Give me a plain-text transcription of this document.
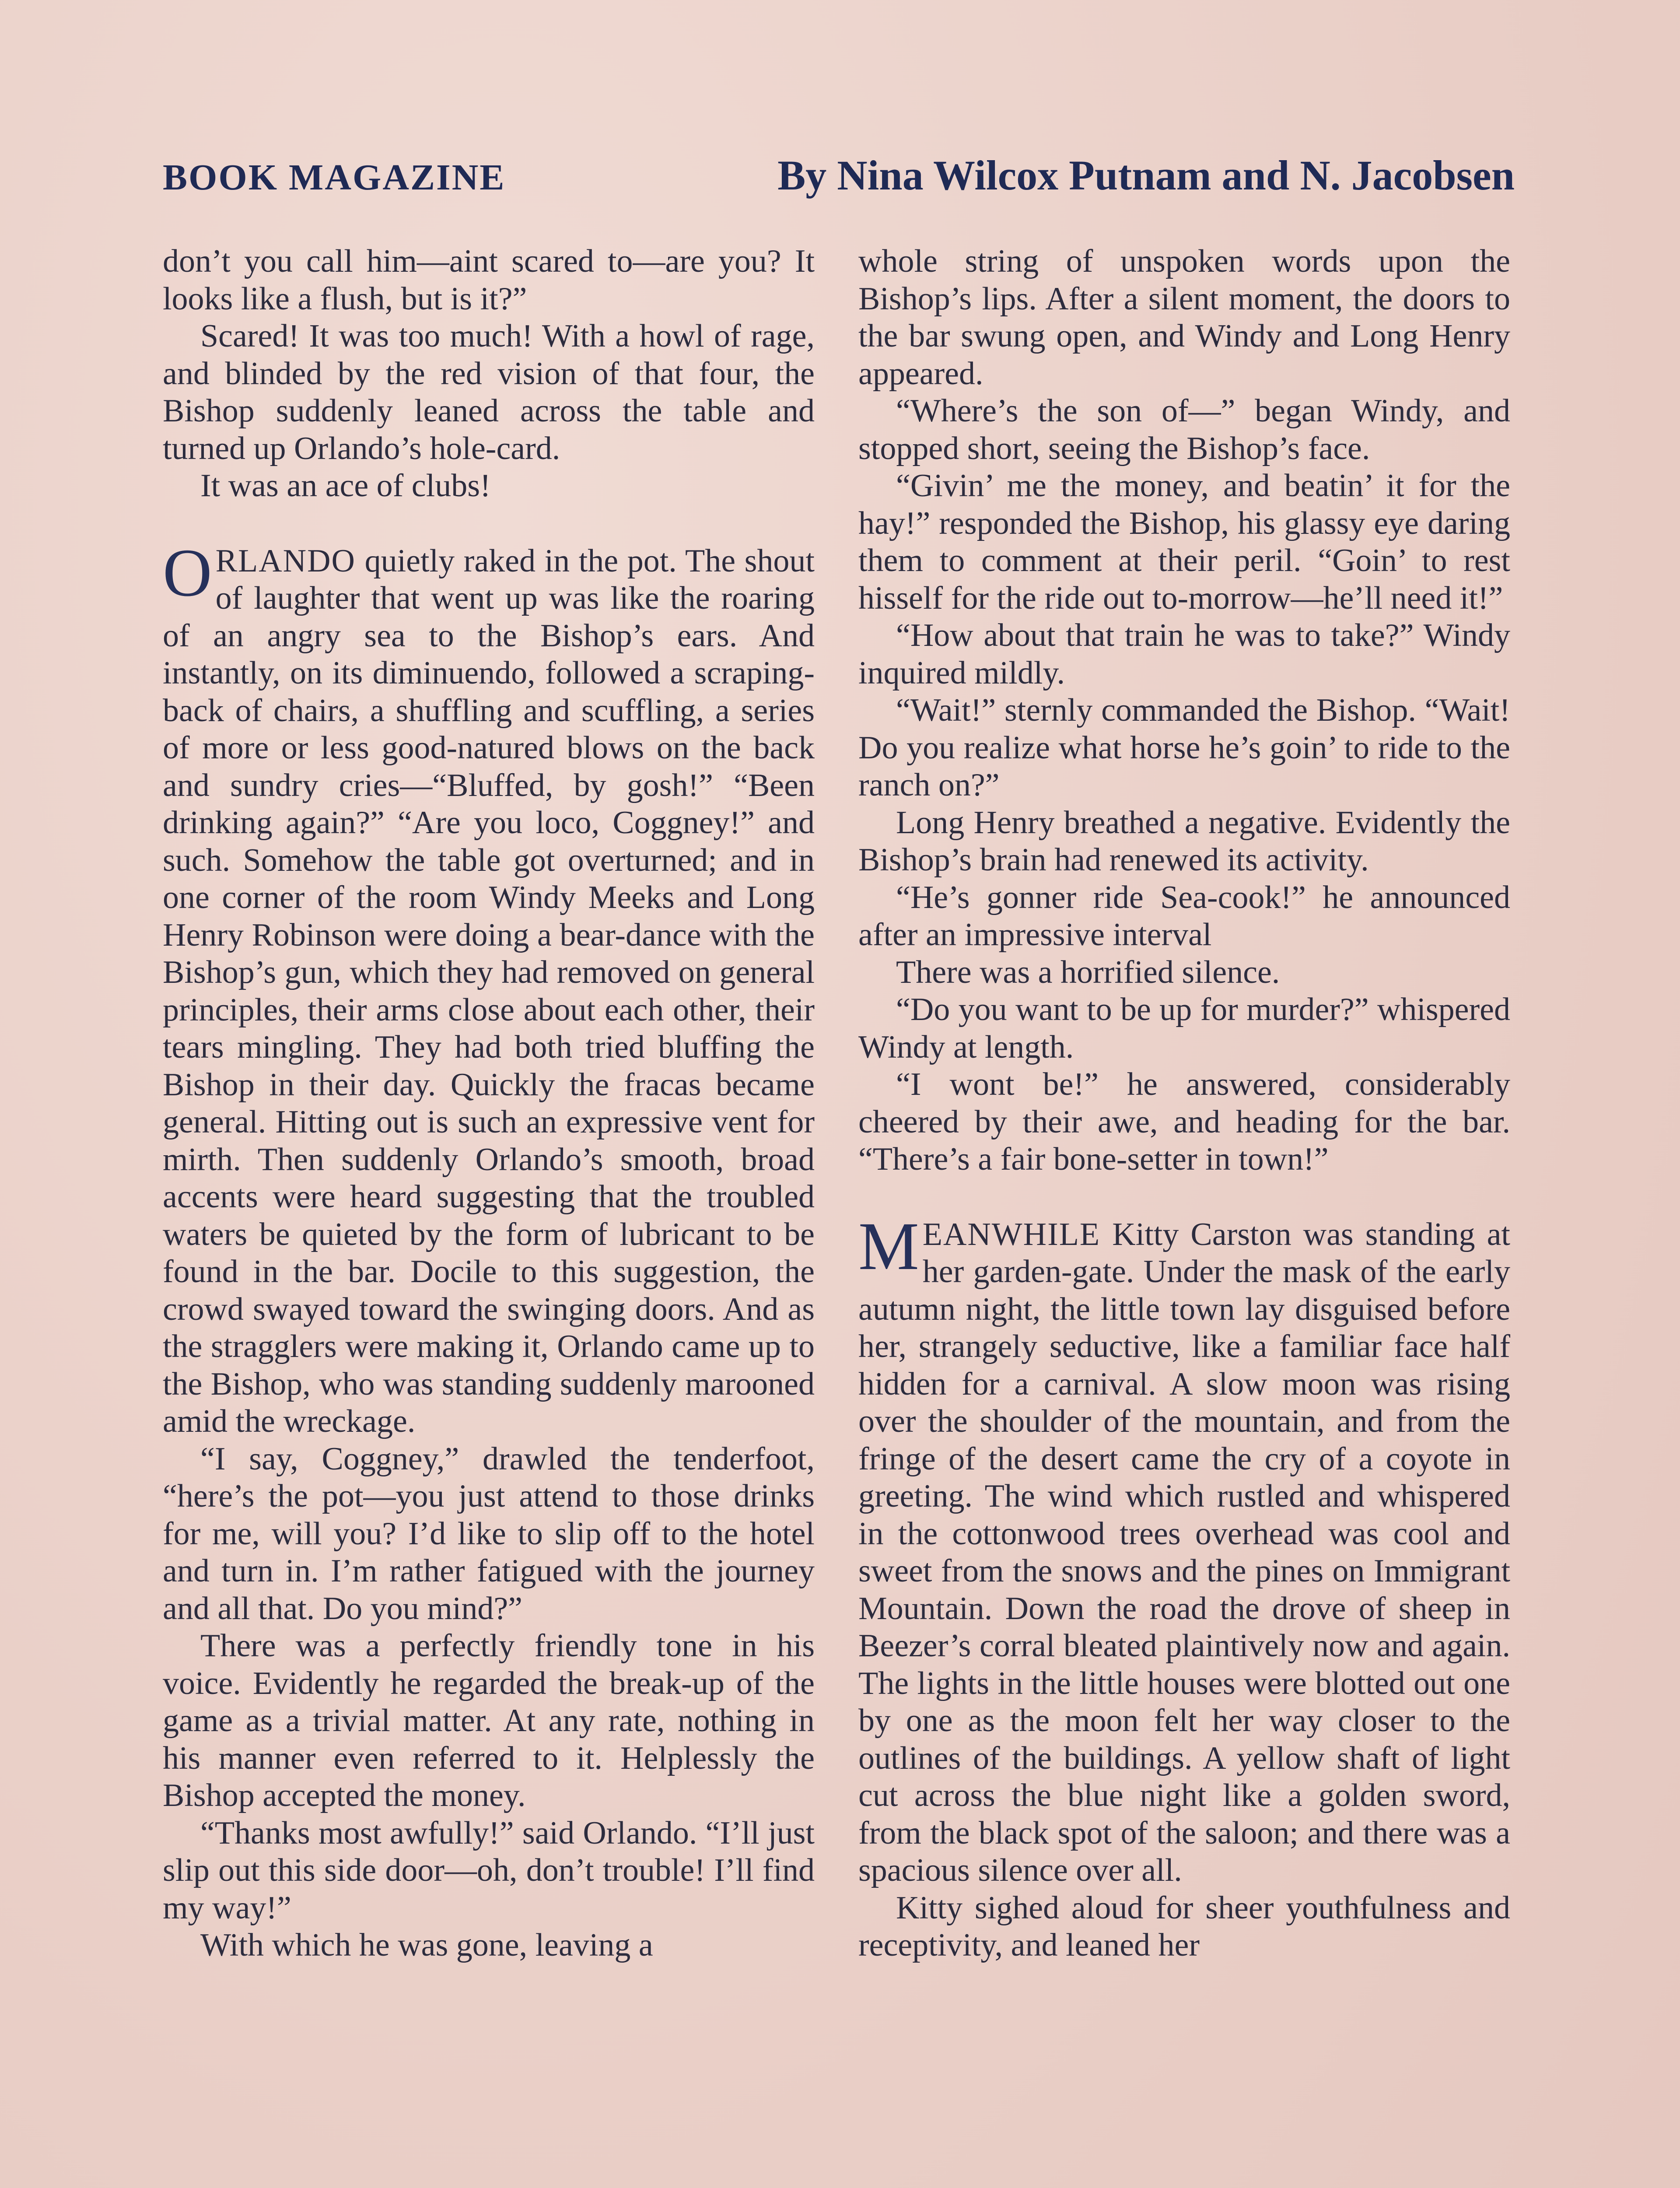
BOOK MAGAZINE	By Nina Wilcox Putnam and N. Jacobsen

don’t you call him—aint scared to—are you? It looks like a flush, but is it?”

Scared! It was too much! With a howl of rage, and blinded by the red vision of that four, the Bishop suddenly leaned across the table and turned up Orlando’s hole-card.

It was an ace of clubs!

ORLANDO quietly raked in the pot. The shout of laughter that went up was like the roaring of an angry sea to the Bishop’s ears. And instantly, on its diminuendo, followed a scraping-back of chairs, a shuffling and scuffling, a series of more or less good-natured blows on the back and sundry cries—“Bluffed, by gosh!” “Been drinking again?” “Are you loco, Coggney!” and such. Somehow the table got overturned; and in one corner of the room Windy Meeks and Long Henry Robinson were doing a bear-dance with the Bishop’s gun, which they had removed on general principles, their arms close about each other, their tears mingling. They had both tried bluffing the Bishop in their day. Quickly the fracas became general. Hitting out is such an expressive vent for mirth. Then suddenly Orlando’s smooth, broad accents were heard suggesting that the troubled waters be quieted by the form of lubricant to be found in the bar. Docile to this suggestion, the crowd swayed toward the swinging doors. And as the stragglers were making it, Orlando came up to the Bishop, who was standing suddenly marooned amid the wreckage.

“I say, Coggney,” drawled the tenderfoot, “here’s the pot—you just attend to those drinks for me, will you? I’d like to slip off to the hotel and turn in. I’m rather fatigued with the journey and all that. Do you mind?”

There was a perfectly friendly tone in his voice. Evidently he regarded the break-up of the game as a trivial matter. At any rate, nothing in his manner even referred to it. Helplessly the Bishop accepted the money.

“Thanks most awfully!” said Orlando. “I’ll just slip out this side door—oh, don’t trouble! I’ll find my way!”

With which he was gone, leaving a

whole string of unspoken words upon the Bishop’s lips. After a silent moment, the doors to the bar swung open, and Windy and Long Henry appeared.

“Where’s the son of—” began Windy, and stopped short, seeing the Bishop’s face.

“Givin’ me the money, and beatin’ it for the hay!” responded the Bishop, his glassy eye daring them to comment at their peril. “Goin’ to rest hisself for the ride out to-morrow—he’ll need it!”

“How about that train he was to take?” Windy inquired mildly.

“Wait!” sternly commanded the Bishop. “Wait! Do you realize what horse he’s goin’ to ride to the ranch on?”

Long Henry breathed a negative. Evidently the Bishop’s brain had renewed its activity.

“He’s gonner ride Sea-cook!” he announced after an impressive interval

There was a horrified silence.

“Do you want to be up for murder?” whispered Windy at length.

“I wont be!” he answered, considerably cheered by their awe, and heading for the bar. “There’s a fair bone-setter in town!”

MEANWHILE Kitty Carston was standing at her garden-gate. Under the mask of the early autumn night, the little town lay disguised before her, strangely seductive, like a familiar face half hidden for a carnival. A slow moon was rising over the shoulder of the mountain, and from the fringe of the desert came the cry of a coyote in greeting. The wind which rustled and whispered in the cottonwood trees overhead was cool and sweet from the snows and the pines on Immigrant Mountain. Down the road the drove of sheep in Beezer’s corral bleated plaintively now and again. The lights in the little houses were blotted out one by one as the moon felt her way closer to the outlines of the buildings. A yellow shaft of light cut across the blue night like a golden sword, from the black spot of the saloon; and there was a spacious silence over all.

Kitty sighed aloud for sheer youthfulness and receptivity, and leaned her
